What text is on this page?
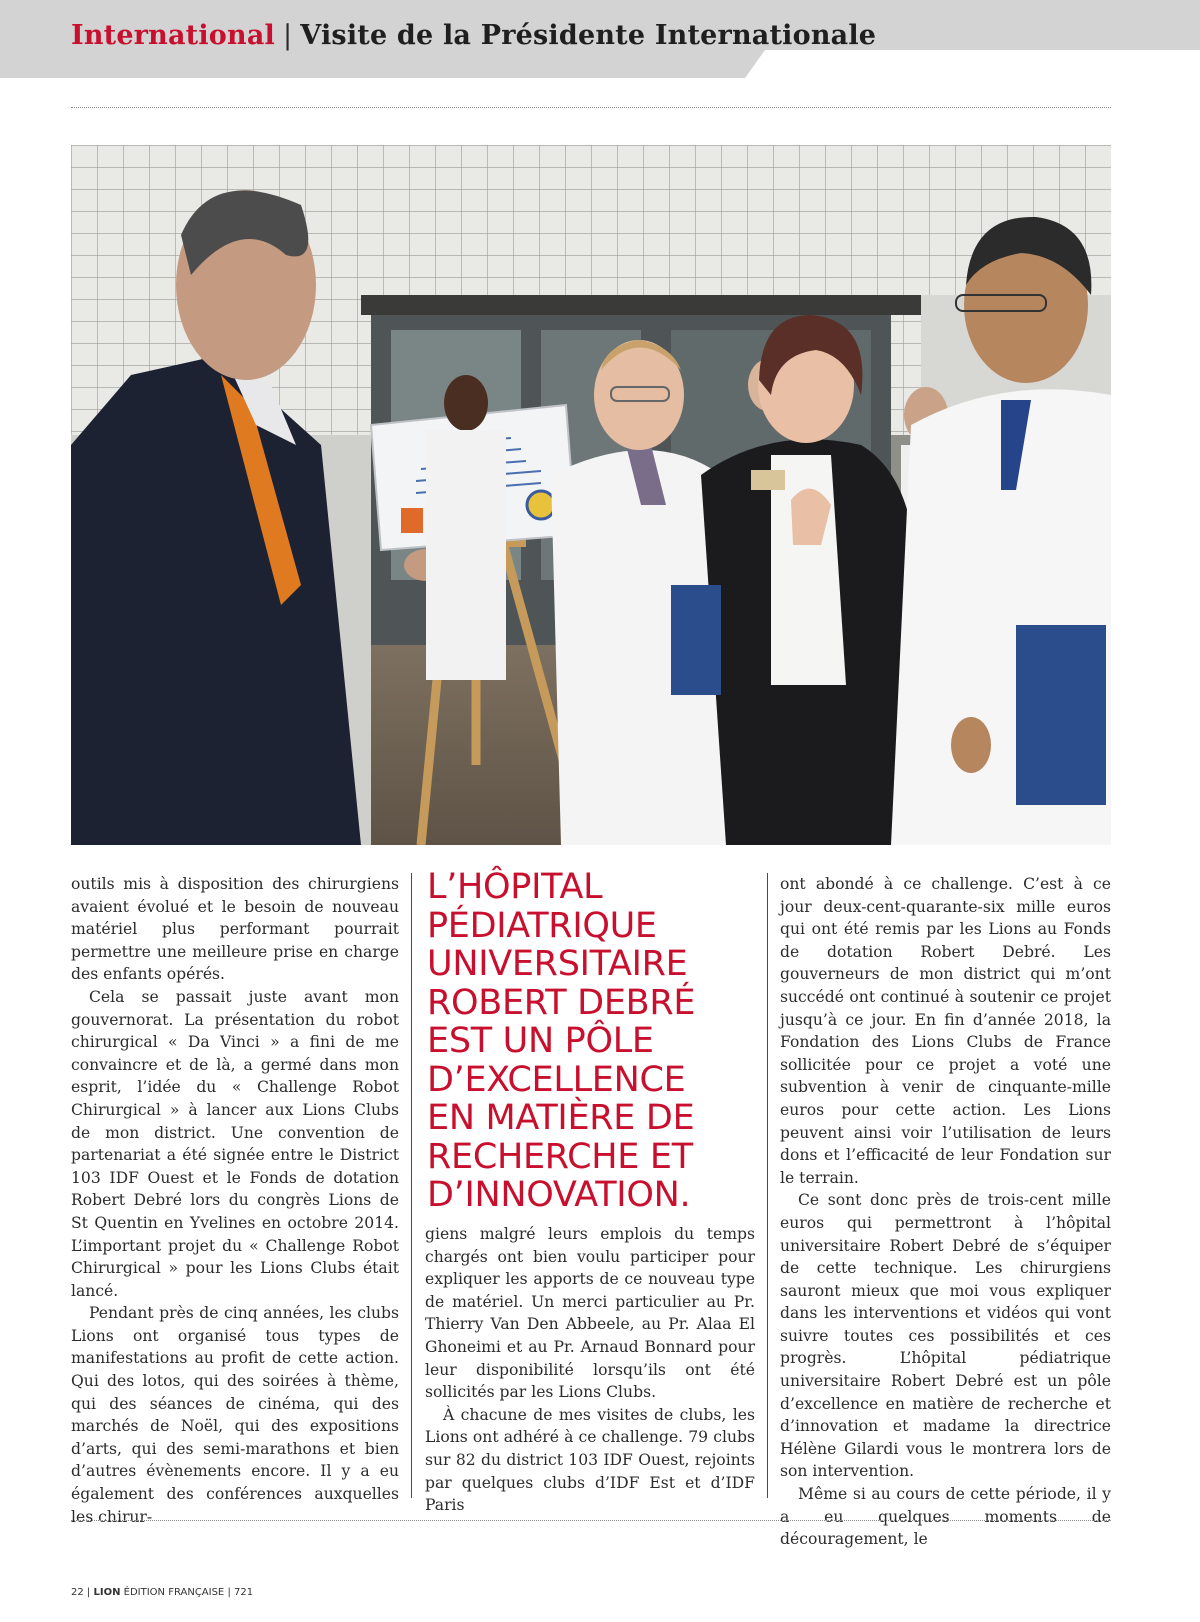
International | Visite de la Présidente Internationale

outils mis à disposition des chirurgiens avaient évolué et le besoin de nouveau matériel plus performant pourrait permettre une meilleure prise en charge des enfants opérés.

Cela se passait juste avant mon gouvernorat. La présentation du robot chirurgical « Da Vinci » a fini de me convaincre et de là, a germé dans mon esprit, l’idée du « Challenge Robot Chirurgical » à lancer aux Lions Clubs de mon district. Une convention de partenariat a été signée entre le District 103 IDF Ouest et le Fonds de dotation Robert Debré lors du congrès Lions de St Quentin en Yvelines en octobre 2014. L’important projet du « Challenge Robot Chirurgical » pour les Lions Clubs était lancé.

Pendant près de cinq années, les clubs Lions ont organisé tous types de manifestations au profit de cette action. Qui des lotos, qui des soirées à thème, qui des séances de cinéma, qui des marchés de Noël, qui des expositions d’arts, qui des semi-marathons et bien d’autres évènements encore. Il y a eu également des conférences auxquelles les chirur-

L’HÔPITAL
PÉDIATRIQUE
UNIVERSITAIRE
ROBERT DEBRÉ
EST UN PÔLE
D’EXCELLENCE
EN MATIÈRE DE
RECHERCHE ET
D’INNOVATION.

giens malgré leurs emplois du temps chargés ont bien voulu participer pour expliquer les apports de ce nouveau type de matériel. Un merci particulier au Pr. Thierry Van Den Abbeele, au Pr. Alaa El Ghoneimi et au Pr. Arnaud Bonnard pour leur disponibilité lorsqu’ils ont été sollicités par les Lions Clubs.

À chacune de mes visites de clubs, les Lions ont adhéré à ce challenge. 79 clubs sur 82 du district 103 IDF Ouest, rejoints par quelques clubs d’IDF Est et d’IDF Paris

ont abondé à ce challenge. C’est à ce jour deux-cent-quarante-six mille euros qui ont été remis par les Lions au Fonds de dotation Robert Debré. Les gouverneurs de mon district qui m’ont succédé ont continué à soutenir ce projet jusqu’à ce jour. En fin d’année 2018, la Fondation des Lions Clubs de France sollicitée pour ce projet a voté une subvention à venir de cinquante-mille euros pour cette action. Les Lions peuvent ainsi voir l’utilisation de leurs dons et l’efficacité de leur Fondation sur le terrain.

Ce sont donc près de trois-cent mille euros qui permettront à l’hôpital universitaire Robert Debré de s’équiper de cette technique. Les chirurgiens sauront mieux que moi vous expliquer dans les interventions et vidéos qui vont suivre toutes ces possibilités et ces progrès. L’hôpital pédiatrique universitaire Robert Debré est un pôle d’excellence en matière de recherche et d’innovation et madame la directrice Hélène Gilardi vous le montrera lors de son intervention.

Même si au cours de cette période, il y a eu quelques moments de découragement, le

22 | LION ÉDITION FRANÇAISE | 721
